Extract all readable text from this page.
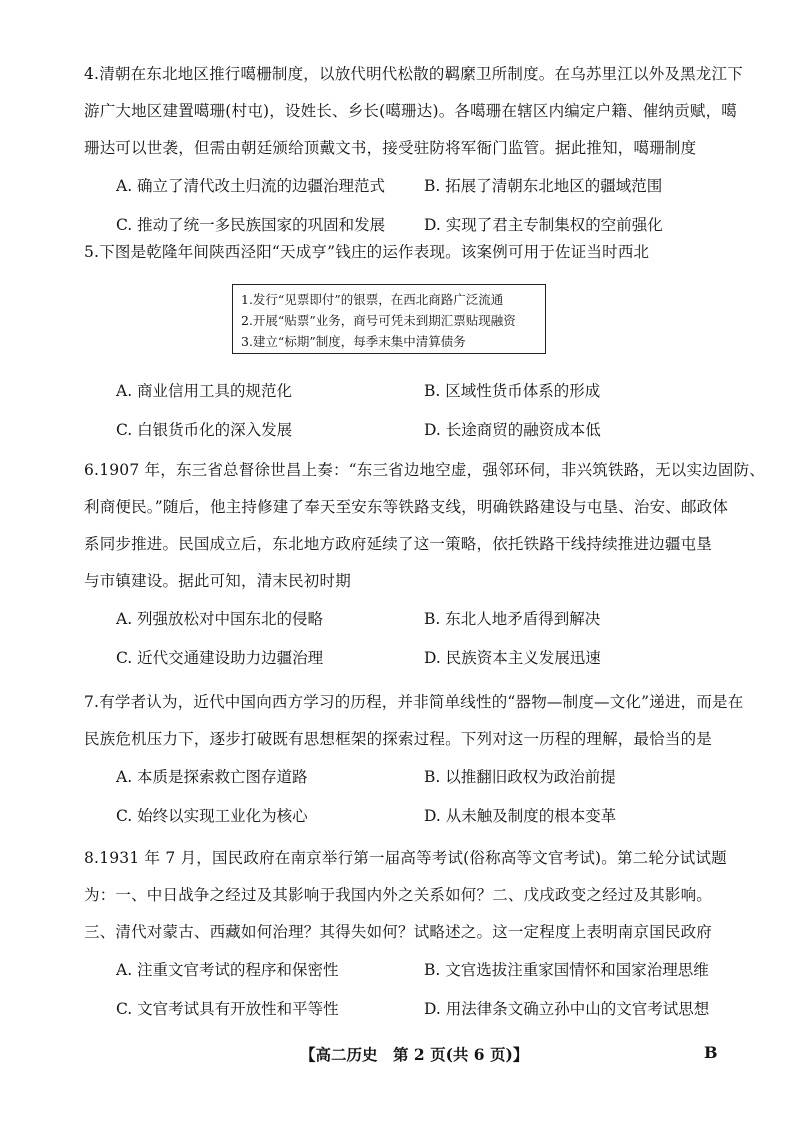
4.清朝在东北地区推行噶栅制度，以放代明代松散的羁縻卫所制度。在乌苏里江以外及黑龙江下
游广大地区建置噶珊(村屯)，设姓长、乡长(噶珊达)。各噶珊在辖区内编定户籍、催纳贡赋，噶
珊达可以世袭，但需由朝廷颁给顶戴文书，接受驻防将军衙门监管。据此推知，噶珊制度
A. 确立了清代改土归流的边疆治理范式	B. 拓展了清朝东北地区的疆域范围
C. 推动了统一多民族国家的巩固和发展	D. 实现了君主专制集权的空前强化
5.下图是乾隆年间陕西泾阳“天成亨”钱庄的运作表现。该案例可用于佐证当时西北
1.发行“见票即付”的银票，在西北商路广泛流通
2.开展“贴票”业务，商号可凭未到期汇票贴现融资
3.建立“标期”制度，每季末集中清算债务
A. 商业信用工具的规范化	B. 区域性货币体系的形成
C. 白银货币化的深入发展	D. 长途商贸的融资成本低
6.1907 年，东三省总督徐世昌上奏：“东三省边地空虚，强邻环伺，非兴筑铁路，无以实边固防、
利商便民。”随后，他主持修建了奉天至安东等铁路支线，明确铁路建设与屯垦、治安、邮政体
系同步推进。民国成立后，东北地方政府延续了这一策略，依托铁路干线持续推进边疆屯垦
与市镇建设。据此可知，清末民初时期
A. 列强放松对中国东北的侵略	B. 东北人地矛盾得到解决
C. 近代交通建设助力边疆治理	D. 民族资本主义发展迅速
7.有学者认为，近代中国向西方学习的历程，并非简单线性的“器物—制度—文化”递进，而是在
民族危机压力下，逐步打破既有思想框架的探索过程。下列对这一历程的理解，最恰当的是
A. 本质是探索救亡图存道路	B. 以推翻旧政权为政治前提
C. 始终以实现工业化为核心	D. 从未触及制度的根本变革
8.1931 年 7 月，国民政府在南京举行第一届高等考试(俗称高等文官考试)。第二轮分试试题
为：一、中日战争之经过及其影响于我国内外之关系如何？二、戊戌政变之经过及其影响。
三、清代对蒙古、西藏如何治理？其得失如何？试略述之。这一定程度上表明南京国民政府
A. 注重文官考试的程序和保密性	B. 文官选拔注重家国情怀和国家治理思维
C. 文官考试具有开放性和平等性	D. 用法律条文确立孙中山的文官考试思想
【高二历史　第 2 页(共 6 页)】	B
